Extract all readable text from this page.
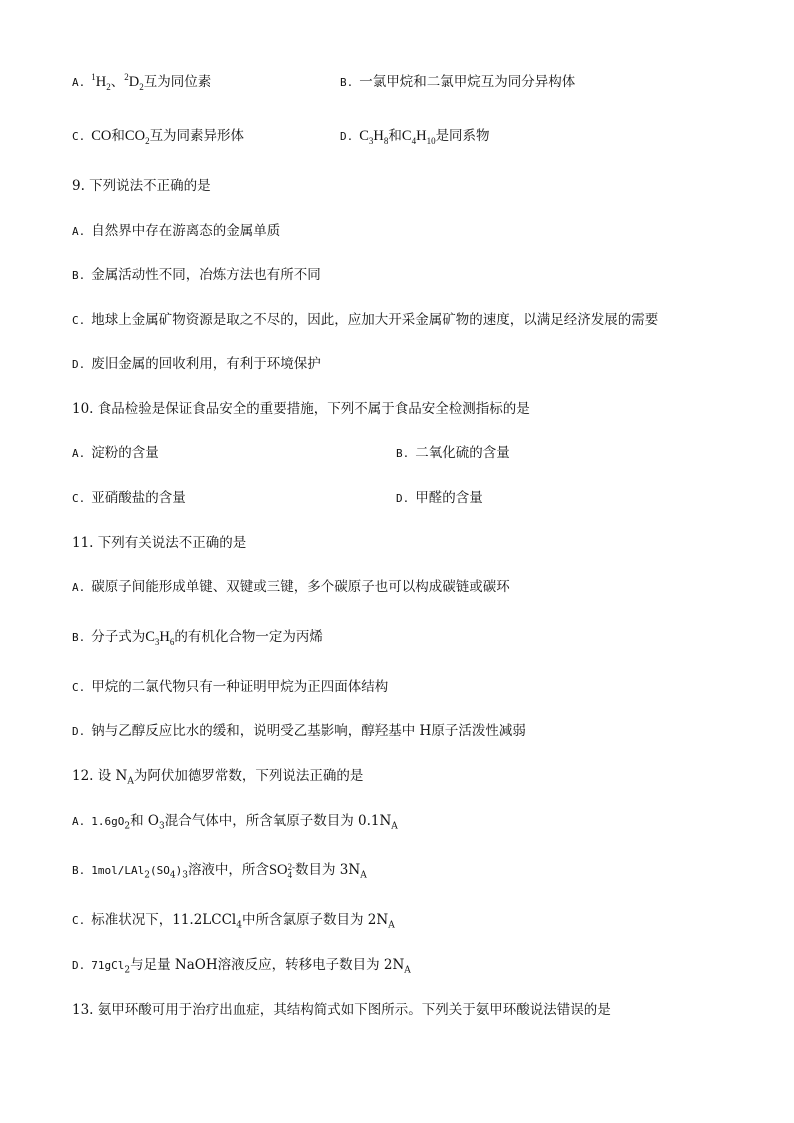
A. $^1H_2$、$^2D_2$互为同位素	B. 一氯甲烷和二氯甲烷互为同分异构体
C. CO和$CO_2$互为同素异形体	D. $C_3H_8$和$C_4H_{10}$是同系物
9. 下列说法不正确的是
A. 自然界中存在游离态的金属单质
B. 金属活动性不同，冶炼方法也有所不同
C. 地球上金属矿物资源是取之不尽的，因此，应加大开采金属矿物的速度，以满足经济发展的需要
D. 废旧金属的回收利用，有利于环境保护
10. 食品检验是保证食品安全的重要措施，下列不属于食品安全检测指标的是
A. 淀粉的含量	B. 二氧化硫的含量
C. 亚硝酸盐的含量	D. 甲醛的含量
11. 下列有关说法不正确的是
A. 碳原子间能形成单键、双键或三键，多个碳原子也可以构成碳链或碳环
B. 分子式为$C_3H_6$的有机化合物一定为丙烯
C. 甲烷的二氯代物只有一种证明甲烷为正四面体结构
D. 钠与乙醇反应比水的缓和，说明受乙基影响，醇羟基中 H原子活泼性减弱
12. 设 $N_A$为阿伏加德罗常数，下列说法正确的是
A. $1.6gO_2$和 $O_3$混合气体中，所含氧原子数目为 $0.1N_A$
B. $1mol/LAl_2(SO_4)_3$溶液中，所含SO 2-
4 数目为 $3N_A$
C. 标准状况下，11.2LCCl$_4$中所含氯原子数目为 $2N_A$
D. 71gCl$_2$与足量 NaOH溶液反应，转移电子数目为 $2N_A$
13. 氨甲环酸可用于治疗出血症，其结构简式如下图所示。下列关于氨甲环酸说法错误的是
